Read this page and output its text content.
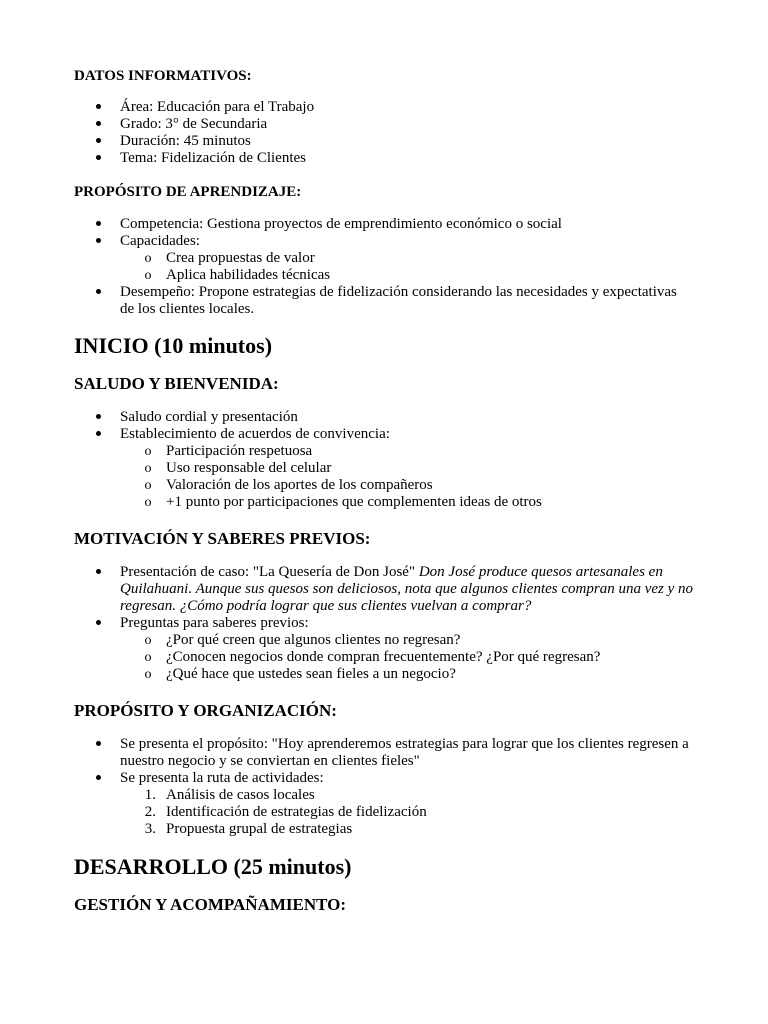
DATOS INFORMATIVOS:

Área: Educación para el Trabajo
Grado: 3° de Secundaria
Duración: 45 minutos
Tema: Fidelización de Clientes

PROPÓSITO DE APRENDIZAJE:

Competencia: Gestiona proyectos de emprendimiento económico o social
Capacidades:
o Crea propuestas de valor
o Aplica habilidades técnicas
Desempeño: Propone estrategias de fidelización considerando las necesidades y expectativas de los clientes locales.

INICIO (10 minutos)

SALUDO Y BIENVENIDA:

Saludo cordial y presentación
Establecimiento de acuerdos de convivencia:
o Participación respetuosa
o Uso responsable del celular
o Valoración de los aportes de los compañeros
o +1 punto por participaciones que complementen ideas de otros

MOTIVACIÓN Y SABERES PREVIOS:

Presentación de caso: "La Quesería de Don José" Don José produce quesos artesanales en Quilahuani. Aunque sus quesos son deliciosos, nota que algunos clientes compran una vez y no regresan. ¿Cómo podría lograr que sus clientes vuelvan a comprar?
Preguntas para saberes previos:
o ¿Por qué creen que algunos clientes no regresan?
o ¿Conocen negocios donde compran frecuentemente? ¿Por qué regresan?
o ¿Qué hace que ustedes sean fieles a un negocio?

PROPÓSITO Y ORGANIZACIÓN:

Se presenta el propósito: "Hoy aprenderemos estrategias para lograr que los clientes regresen a nuestro negocio y se conviertan en clientes fieles"
Se presenta la ruta de actividades:
1. Análisis de casos locales
2. Identificación de estrategias de fidelización
3. Propuesta grupal de estrategias

DESARROLLO (25 minutos)

GESTIÓN Y ACOMPAÑAMIENTO:
